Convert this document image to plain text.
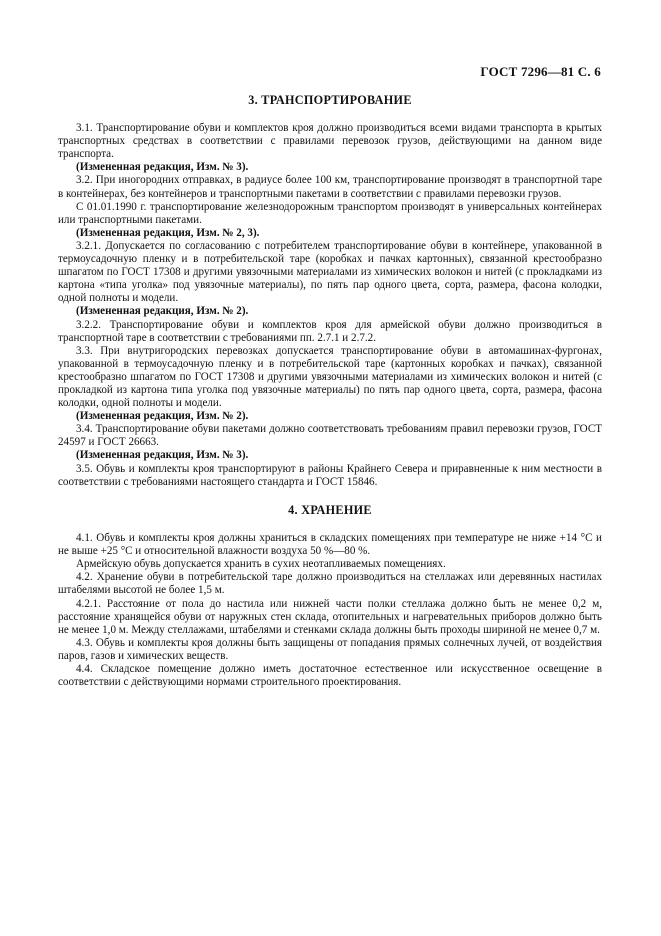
ГОСТ 7296—81 С. 6
3. ТРАНСПОРТИРОВАНИЕ

3.1. Транспортирование обуви и комплектов кроя должно производиться всеми видами транспорта в крытых транспортных средствах в соответствии с правилами перевозок грузов, действующими на данном виде транспорта.

(Измененная редакция, Изм. № 3).

3.2. При иногородних отправках, в радиусе более 100 км, транспортирование производят в транспортной таре в контейнерах, без контейнеров и транспортными пакетами в соответствии с правилами перевозки грузов.

С 01.01.1990 г. транспортирование железнодорожным транспортом производят в универсальных контейнерах или транспортными пакетами.

(Измененная редакция, Изм. № 2, 3).

3.2.1. Допускается по согласованию с потребителем транспортирование обуви в контейнере, упакованной в термоусадочную пленку и в потребительской таре (коробках и пачках картонных), связанной крестообразно шпагатом по ГОСТ 17308 и другими увязочными материалами из химических волокон и нитей (с прокладками из картона «типа уголка» под увязочные материалы), по пять пар одного цвета, сорта, размера, фасона колодки, одной полноты и модели.

(Измененная редакция, Изм. № 2).

3.2.2. Транспортирование обуви и комплектов кроя для армейской обуви должно производиться в транспортной таре в соответствии с требованиями пп. 2.7.1 и 2.7.2.

3.3. При внутригородских перевозках допускается транспортирование обуви в автомашинах-фургонах, упакованной в термоусадочную пленку и в потребительской таре (картонных коробках и пачках), связанной крестообразно шпагатом по ГОСТ 17308 и другими увязочными материалами из химических волокон и нитей (с прокладкой из картона типа уголка под увязочные материалы) по пять пар одного цвета, сорта, размера, фасона колодки, одной полноты и модели.

(Измененная редакция, Изм. № 2).

3.4. Транспортирование обуви пакетами должно соответствовать требованиям правил перевозки грузов, ГОСТ 24597 и ГОСТ 26663.

(Измененная редакция, Изм. № 3).

3.5. Обувь и комплекты кроя транспортируют в районы Крайнего Севера и приравненные к ним местности в соответствии с требованиями настоящего стандарта и ГОСТ 15846.

4. ХРАНЕНИЕ

4.1. Обувь и комплекты кроя должны храниться в складских помещениях при температуре не ниже +14 °С и не выше +25 °С и относительной влажности воздуха 50 %—80 %.

Армейскую обувь допускается хранить в сухих неотапливаемых помещениях.

4.2. Хранение обуви в потребительской таре должно производиться на стеллажах или деревянных настилах штабелями высотой не более 1,5 м.

4.2.1. Расстояние от пола до настила или нижней части полки стеллажа должно быть не менее 0,2 м, расстояние хранящейся обуви от наружных стен склада, отопительных и нагревательных приборов должно быть не менее 1,0 м. Между стеллажами, штабелями и стенками склада должны быть проходы шириной не менее 0,7 м.

4.3. Обувь и комплекты кроя должны быть защищены от попадания прямых солнечных лучей, от воздействия паров, газов и химических веществ.

4.4. Складское помещение должно иметь достаточное естественное или искусственное освещение в соответствии с действующими нормами строительного проектирования.
